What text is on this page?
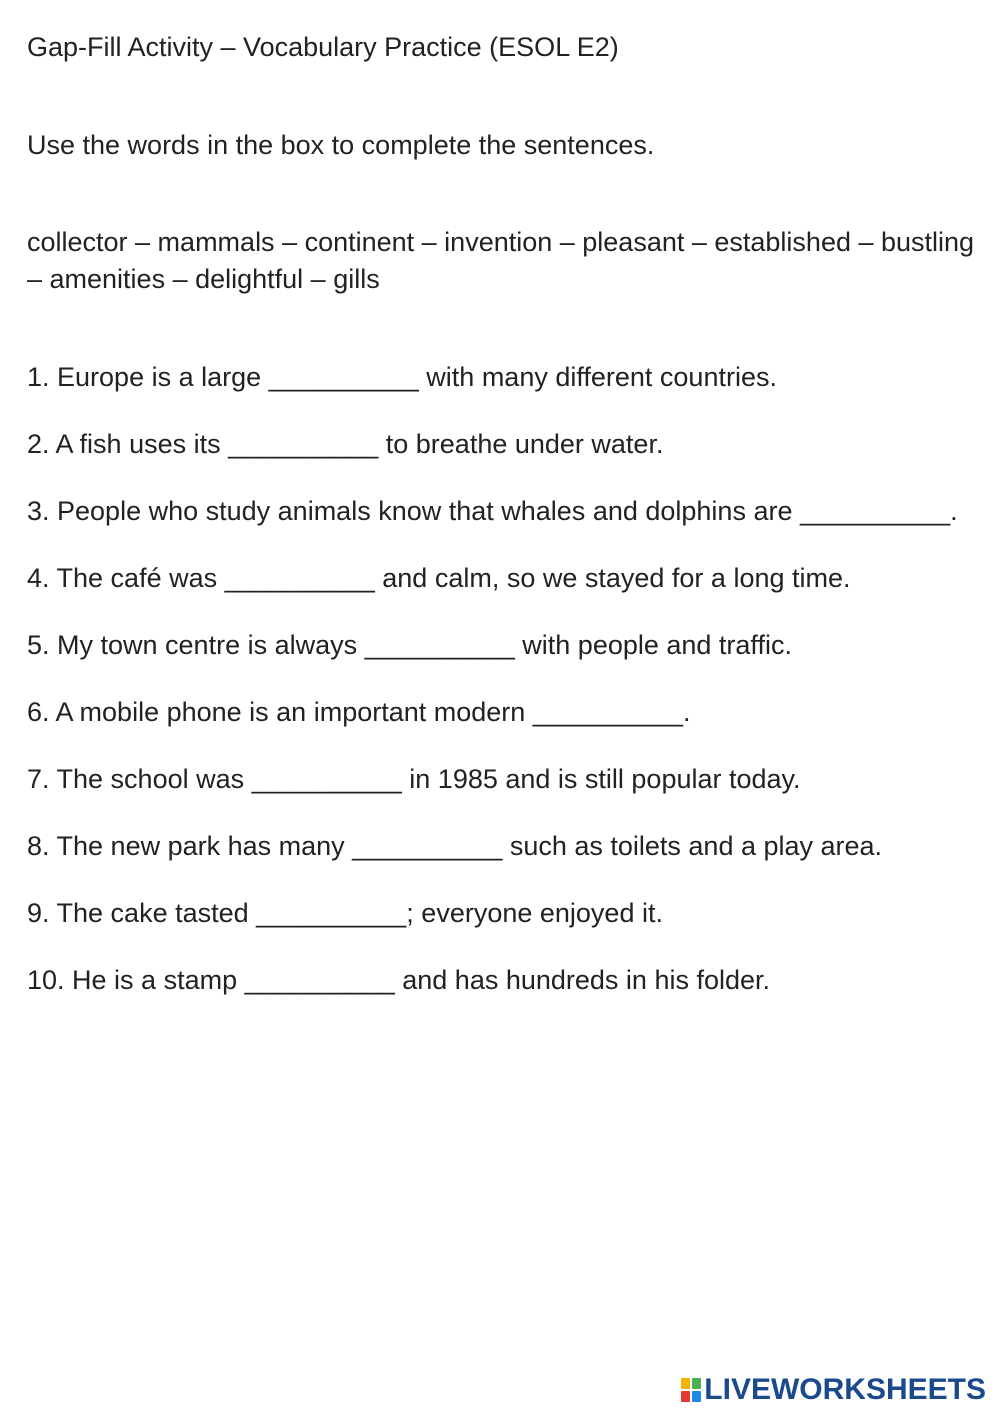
Gap-Fill Activity – Vocabulary Practice (ESOL E2)
Use the words in the box to complete the sentences.
collector – mammals – continent – invention – pleasant – established – bustling – amenities – delightful – gills
1. Europe is a large __________ with many different countries.
2. A fish uses its __________ to breathe under water.
3. People who study animals know that whales and dolphins are __________.
4. The café was __________ and calm, so we stayed for a long time.
5. My town centre is always __________ with people and traffic.
6. A mobile phone is an important modern __________.
7. The school was __________ in 1985 and is still popular today.
8. The new park has many __________ such as toilets and a play area.
9. The cake tasted __________; everyone enjoyed it.
10. He is a stamp __________ and has hundreds in his folder.
LIVEWORKSHEETS
